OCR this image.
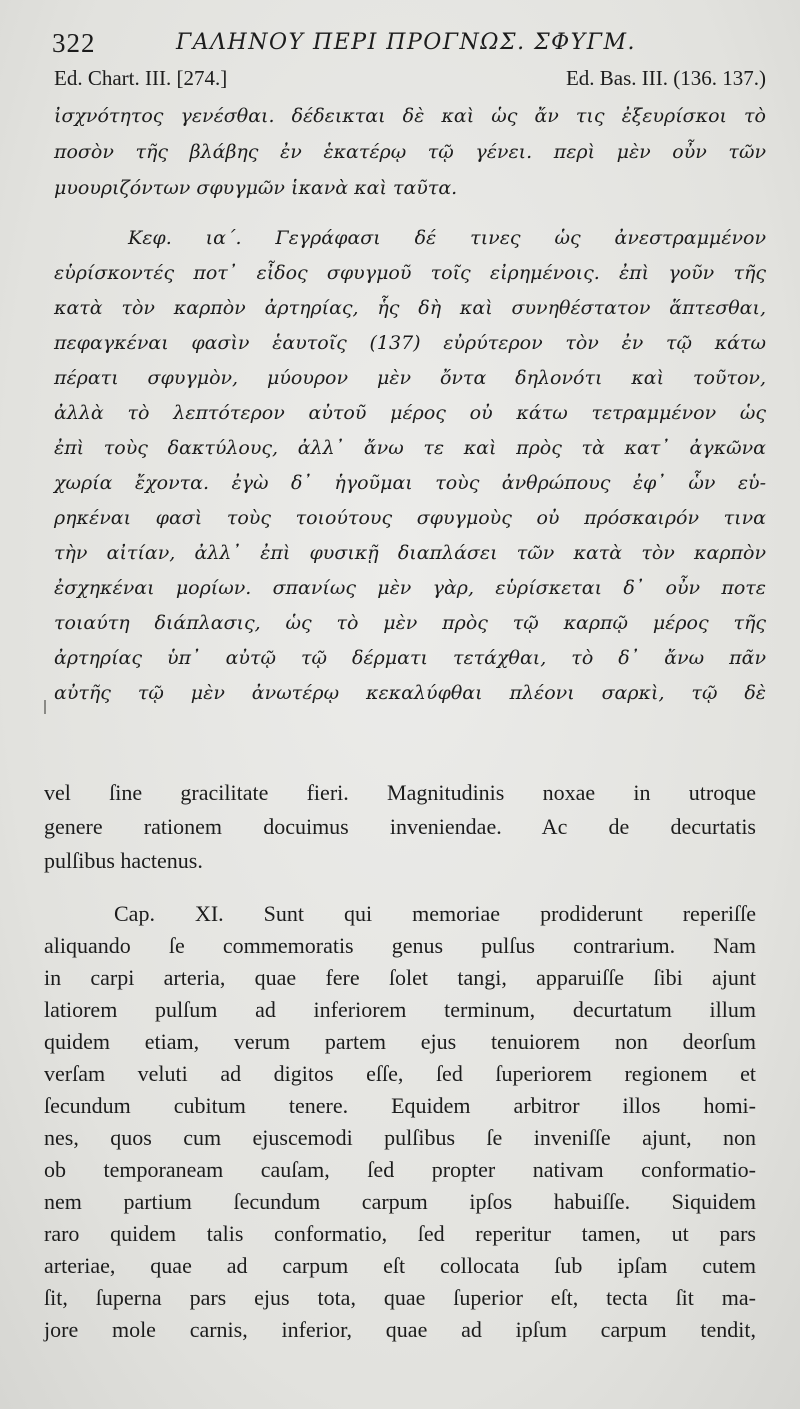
322	ΓΑΛΗΝΟΥ ΠΕΡΙ ΠΡΟΓΝΩΣ. ΣΦΥΓΜ.
Ed. Chart. III. [274.]	Ed. Bas. III. (136. 137.)
ἰσχνότητος γενέσθαι. δέδεικται δὲ καὶ ὡς ἄν τις ἐξευρίσκοι τὸ
ποσὸν τῆς βλάβης ἐν ἑκατέρῳ τῷ γένει. περὶ μὲν οὖν τῶν
μυουριζόντων σφυγμῶν ἱκανὰ καὶ ταῦτα.
Κεφ. ια΄. Γεγράφασι δέ τινες ὡς ἀνεστραμμένον
εὑρίσκοντές ποτ᾽ εἶδος σφυγμοῦ τοῖς εἰρημένοις. ἐπὶ γοῦν τῆς
κατὰ τὸν καρπὸν ἀρτηρίας, ἧς δὴ καὶ συνηθέστατον ἅπτεσθαι,
πεφαγκέναι φασὶν ἑαυτοῖς (137) εὐρύτερον τὸν ἐν τῷ κάτω
πέρατι σφυγμὸν, μύουρον μὲν ὄντα δηλονότι καὶ τοῦτον,
ἀλλὰ τὸ λεπτότερον αὐτοῦ μέρος οὐ κάτω τετραμμένον ὡς
ἐπὶ τοὺς δακτύλους, ἀλλ᾽ ἄνω τε καὶ πρὸς τὰ κατ᾽ ἀγκῶνα
χωρία ἔχοντα. ἐγὼ δ᾽ ἡγοῦμαι τοὺς ἀνθρώπους ἐφ᾽ ὧν εὑ-
ρηκέναι φασὶ τοὺς τοιούτους σφυγμοὺς οὐ πρόσκαιρόν τινα
τὴν αἰτίαν, ἀλλ᾽ ἐπὶ φυσικῇ διαπλάσει τῶν κατὰ τὸν καρπὸν
ἐσχηκέναι μορίων. σπανίως μὲν γὰρ, εὑρίσκεται δ᾽ οὖν ποτε
τοιαύτη διάπλασις, ὡς τὸ μὲν πρὸς τῷ καρπῷ μέρος τῆς
ἀρτηρίας ὑπ᾽ αὐτῷ τῷ δέρματι τετάχθαι, τὸ δ᾽ ἄνω πᾶν
αὐτῆς τῷ μὲν ἀνωτέρῳ κεκαλύφθαι πλέονι σαρκὶ, τῷ δὲ
vel ſine gracilitate fieri. Magnitudinis noxae in utroque
genere rationem docuimus inveniendae. Ac de decurtatis
pulſibus hactenus.
Cap. XI. Sunt qui memoriae prodiderunt reperiſſe
aliquando ſe commemoratis genus pulſus contrarium. Nam
in carpi arteria, quae fere ſolet tangi, apparuiſſe ſibi ajunt
latiorem pulſum ad inferiorem terminum, decurtatum illum
quidem etiam, verum partem ejus tenuiorem non deorſum
verſam veluti ad digitos eſſe, ſed ſuperiorem regionem et
ſecundum cubitum tenere. Equidem arbitror illos homi-
nes, quos cum ejuscemodi pulſibus ſe inveniſſe ajunt, non
ob temporaneam cauſam, ſed propter nativam conformatio-
nem partium ſecundum carpum ipſos habuiſſe. Siquidem
raro quidem talis conformatio, ſed reperitur tamen, ut pars
arteriae, quae ad carpum eſt collocata ſub ipſam cutem
ſit, ſuperna pars ejus tota, quae ſuperior eſt, tecta ſit ma-
jore mole carnis, inferior, quae ad ipſum carpum tendit,
